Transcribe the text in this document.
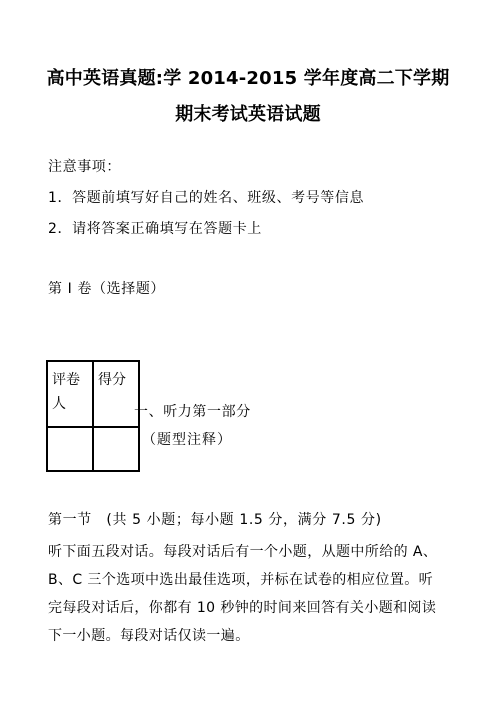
高中英语真题:学 2014-2015 学年度高二下学期
期末考试英语试题
注意事项：
1．答题前填写好自己的姓名、班级、考号等信息
2．请将答案正确填写在答题卡上
第 I 卷（选择题）
评卷人	得分

一、听力第一部分
（题型注释）
第一节　(共 5 小题；每小题 1.5 分，满分 7.5 分)
听下面五段对话。每段对话后有一个小题，从题中所给的 A、
B、C 三个选项中选出最佳选项，并标在试卷的相应位置。听
完每段对话后，你都有 10 秒钟的时间来回答有关小题和阅读
下一小题。每段对话仅读一遍。
